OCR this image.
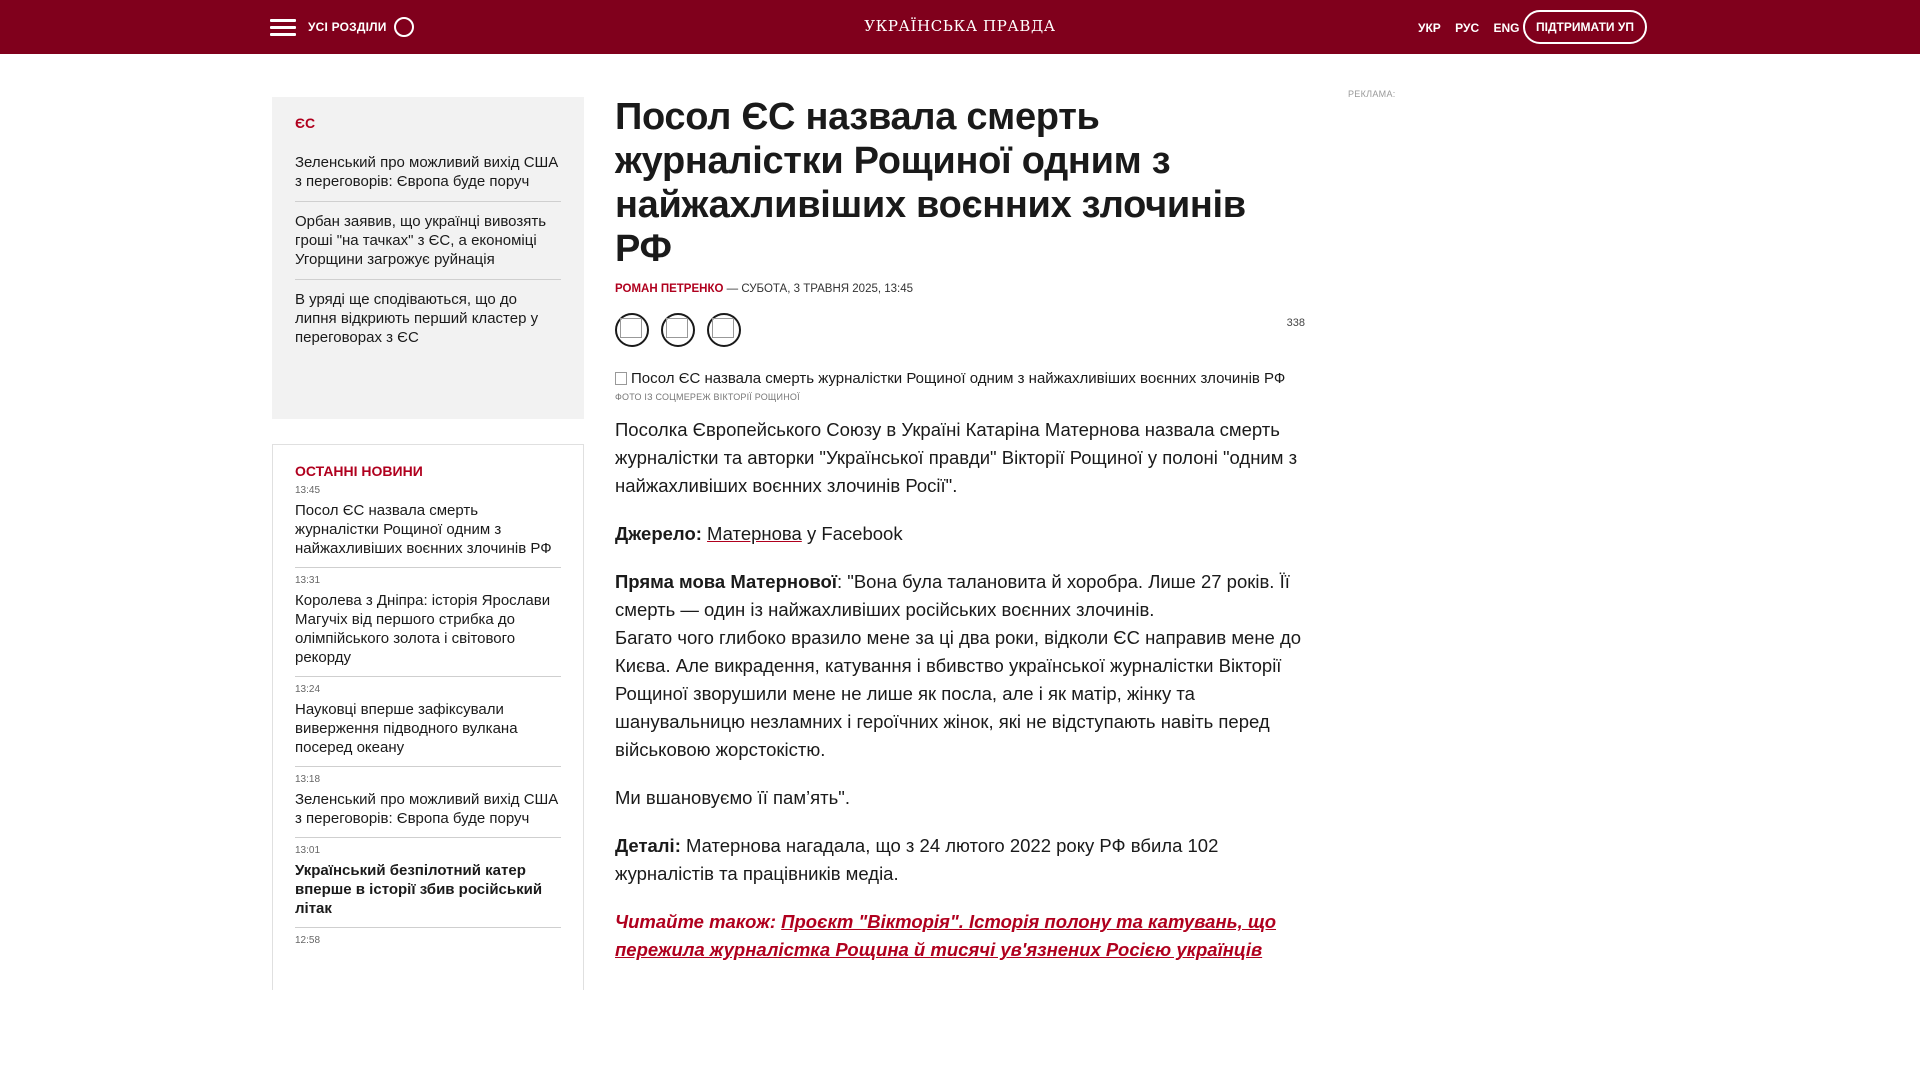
УСІ РОЗДІЛИ	УКРАЇНСЬКА ПРАВДА	УКР РУС ENG	ПІДТРИМАТИ УП
ЄС
Зеленський про можливий вихід США з переговорів: Європа буде поруч
Орбан заявив, що українці вивозять гроші "на тачках" з ЄС, а економіці Угорщини загрожує руйнація
В уряді ще сподіваються, що до липня відкриють перший кластер у переговорах з ЄС
ОСТАННІ НОВИНИ
13:45
Посол ЄС назвала смерть журналістки Рощиної одним з найжахливіших воєнних злочинів РФ
13:31
Королева з Дніпра: історія Ярослави Магучіх від першого стрибка до олімпійського золота і світового рекорду
13:24
Науковці вперше зафіксували виверження підводного вулкана посеред океану
13:18
Зеленський про можливий вихід США з переговорів: Європа буде поруч
13:01
Український безпілотний катер вперше в історії збив російський літак
12:58
Посол ЄС назвала смерть журналістки Рощиної одним з найжахливіших воєнних злочинів РФ
РОМАН ПЕТРЕНКО — СУБОТА, 3 ТРАВНЯ 2025, 13:45
338
Посол ЄС назвала смерть журналістки Рощиної одним з найжахливіших воєнних злочинів РФ
ФОТО ІЗ СОЦМЕРЕЖ ВІКТОРІЇ РОЩИНОЇ

Посолка Європейського Союзу в Україні Катаріна Матернова назвала смерть журналістки та авторки "Української правди" Вікторії Рощиної у полоні "одним з найжахливіших воєнних злочинів Росії".

Джерело: Матернова у Facebook

Пряма мова Матернової: "Вона була талановита й хоробра. Лише 27 років. Її смерть — один із найжахливіших російських воєнних злочинів.
Багато чого глибоко вразило мене за ці два роки, відколи ЄС направив мене до Києва. Але викрадення, катування і вбивство української журналістки Вікторії Рощиної зворушили мене не лише як посла, але і як матір, жінку та шанувальницю незламних і героїчних жінок, які не відступають навіть перед військовою жорстокістю.

Ми вшановуємо її пам’ять".

Деталі: Матернова нагадала, що з 24 лютого 2022 року РФ вбила 102 журналістів та працівників медіа.

Читайте також: Проєкт "Вікторія". Історія полону та катувань, що пережила журналістка Рощина й тисячі ув'язнених Росією українців

РЕКЛАМА:
